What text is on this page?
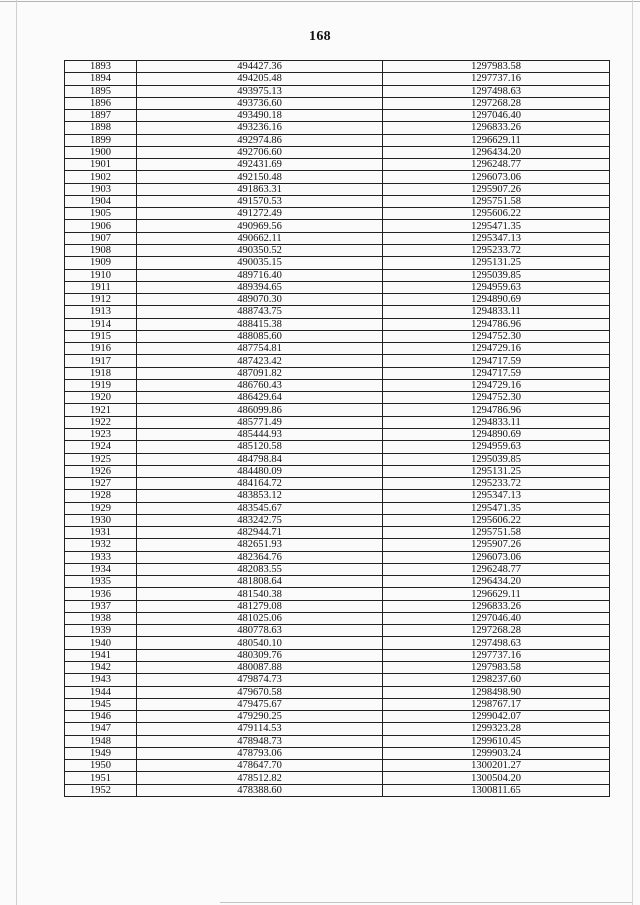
168
1893	494427.36	1297983.58
1894	494205.48	1297737.16
1895	493975.13	1297498.63
1896	493736.60	1297268.28
1897	493490.18	1297046.40
1898	493236.16	1296833.26
1899	492974.86	1296629.11
1900	492706.60	1296434.20
1901	492431.69	1296248.77
1902	492150.48	1296073.06
1903	491863.31	1295907.26
1904	491570.53	1295751.58
1905	491272.49	1295606.22
1906	490969.56	1295471.35
1907	490662.11	1295347.13
1908	490350.52	1295233.72
1909	490035.15	1295131.25
1910	489716.40	1295039.85
1911	489394.65	1294959.63
1912	489070.30	1294890.69
1913	488743.75	1294833.11
1914	488415.38	1294786.96
1915	488085.60	1294752.30
1916	487754.81	1294729.16
1917	487423.42	1294717.59
1918	487091.82	1294717.59
1919	486760.43	1294729.16
1920	486429.64	1294752.30
1921	486099.86	1294786.96
1922	485771.49	1294833.11
1923	485444.93	1294890.69
1924	485120.58	1294959.63
1925	484798.84	1295039.85
1926	484480.09	1295131.25
1927	484164.72	1295233.72
1928	483853.12	1295347.13
1929	483545.67	1295471.35
1930	483242.75	1295606.22
1931	482944.71	1295751.58
1932	482651.93	1295907.26
1933	482364.76	1296073.06
1934	482083.55	1296248.77
1935	481808.64	1296434.20
1936	481540.38	1296629.11
1937	481279.08	1296833.26
1938	481025.06	1297046.40
1939	480778.63	1297268.28
1940	480540.10	1297498.63
1941	480309.76	1297737.16
1942	480087.88	1297983.58
1943	479874.73	1298237.60
1944	479670.58	1298498.90
1945	479475.67	1298767.17
1946	479290.25	1299042.07
1947	479114.53	1299323.28
1948	478948.73	1299610.45
1949	478793.06	1299903.24
1950	478647.70	1300201.27
1951	478512.82	1300504.20
1952	478388.60	1300811.65
